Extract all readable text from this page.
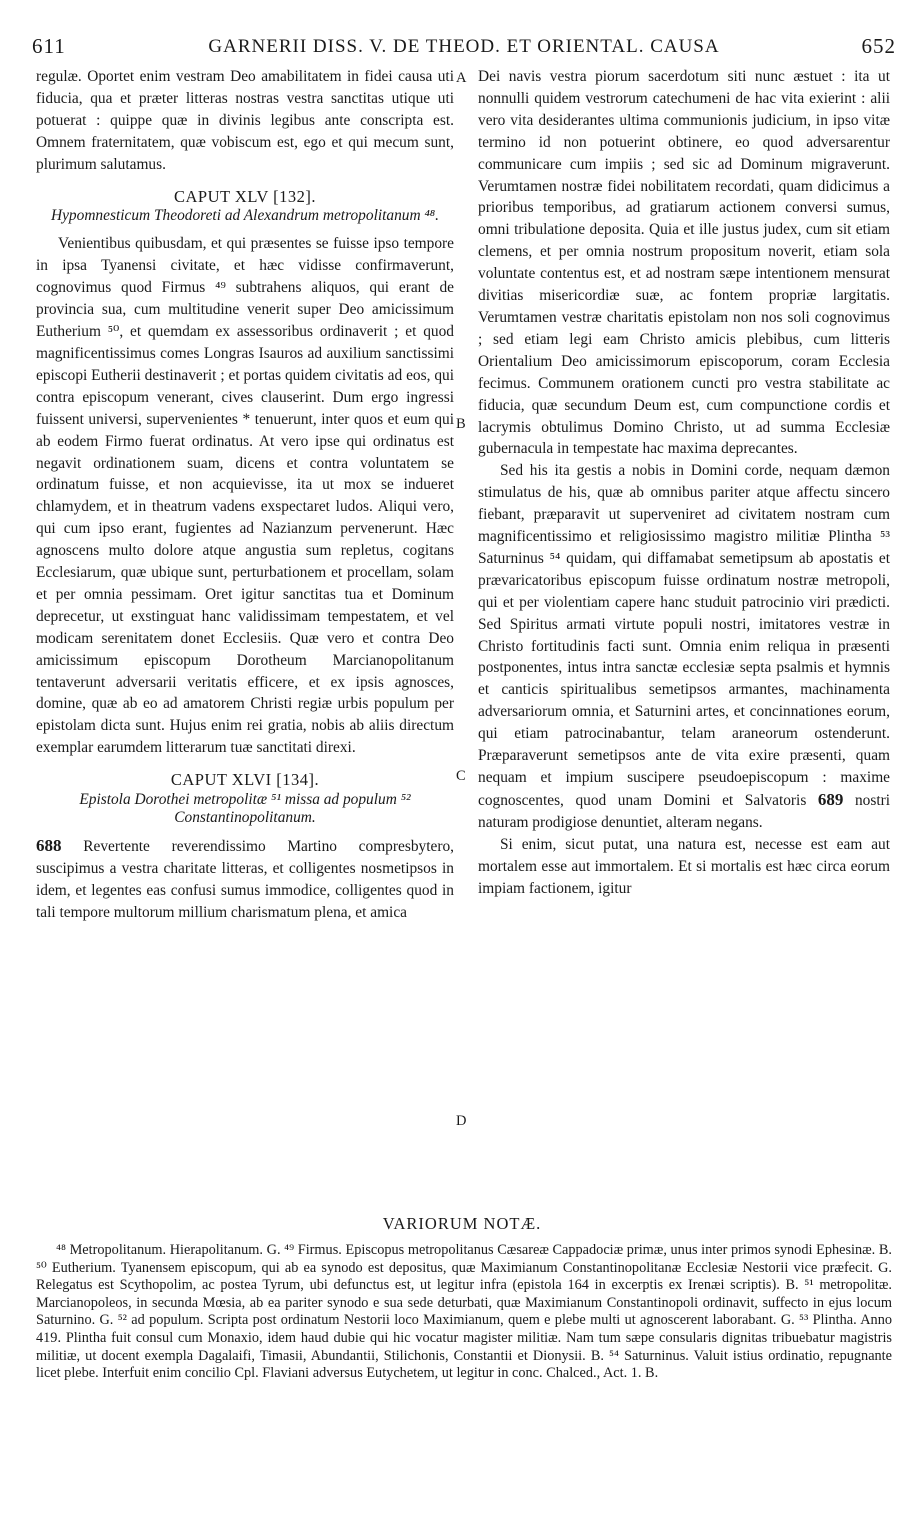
611	GARNERII DISS. V. DE THEOD. ET ORIENTAL. CAUSA	652
A
B
C
D

regulæ. Oportet enim vestram Deo amabilitatem in fidei causa uti fiducia, qua et præter litteras nostras vestra sanctitas utique uti potuerat : quippe quæ in divinis legibus ante conscripta est. Omnem fraternitatem, quæ vobiscum est, ego et qui mecum sunt, plurimum salutamus.

CAPUT XLV [132].
Hypomnesticum Theodoreti ad Alexandrum metropolitanum ⁴⁸.

Venientibus quibusdam, et qui præsentes se fuisse ipso tempore in ipsa Tyanensi civitate, et hæc vidisse confirmaverunt, cognovimus quod Firmus ⁴⁹ subtrahens aliquos, qui erant de provincia sua, cum multitudine venerit super Deo amicissimum Eutherium ⁵⁰, et quemdam ex assessoribus ordinaverit ; et quod magnificentissimus comes Longras Isauros ad auxilium sanctissimi episcopi Eutherii destinaverit ; et portas quidem civitatis ad eos, qui contra episcopum venerant, cives clauserint. Dum ergo ingressi fuissent universi, supervenientes * tenuerunt, inter quos et eum qui ab eodem Firmo fuerat ordinatus. At vero ipse qui ordinatus est negavit ordinationem suam, dicens et contra voluntatem se ordinatum fuisse, et non acquievisse, ita ut mox se indueret chlamydem, et in theatrum vadens exspectaret ludos. Aliqui vero, qui cum ipso erant, fugientes ad Nazianzum pervenerunt. Hæc agnoscens multo dolore atque angustia sum repletus, cogitans Ecclesiarum, quæ ubique sunt, perturbationem et procellam, solam et per omnia pessimam. Oret igitur sanctitas tua et Dominum deprecetur, ut exstinguat hanc validissimam tempestatem, et vel modicam serenitatem donet Ecclesiis. Quæ vero et contra Deo amicissimum episcopum Dorotheum Marcianopolitanum tentaverunt adversarii veritatis efficere, et ex ipsis agnosces, domine, quæ ab eo ad amatorem Christi regiæ urbis populum per epistolam dicta sunt. Hujus enim rei gratia, nobis ab aliis directum exemplar earumdem litterarum tuæ sanctitati direxi.

CAPUT XLVI [134].
Epistola Dorothei metropolitæ ⁵¹ missa ad populum ⁵² Constantinopolitanum.

688 Revertente reverendissimo Martino compresbytero, suscipimus a vestra charitate litteras, et colligentes nosmetipsos in idem, et legentes eas confusi sumus immodice, colligentes quod in tali tempore multorum millium charismatum plena, et amica

Dei navis vestra piorum sacerdotum siti nunc æstuet : ita ut nonnulli quidem vestrorum catechumeni de hac vita exierint : alii vero vita desiderantes ultima communionis judicium, in ipso vitæ termino id non potuerint obtinere, eo quod adversarentur communicare cum impiis ; sed sic ad Dominum migraverunt. Verumtamen nostræ fidei nobilitatem recordati, quam didicimus a prioribus temporibus, ad gratiarum actionem conversi sumus, omni tribulatione deposita. Quia et ille justus judex, cum sit etiam clemens, et per omnia nostrum propositum noverit, etiam sola voluntate contentus est, et ad nostram sæpe intentionem mensurat divitias misericordiæ suæ, ac fontem propriæ largitatis. Verumtamen vestræ charitatis epistolam non nos soli cognovimus ; sed etiam legi eam Christo amicis plebibus, cum litteris Orientalium Deo amicissimorum episcoporum, coram Ecclesia fecimus. Communem orationem cuncti pro vestra stabilitate ac fiducia, quæ secundum Deum est, cum compunctione cordis et lacrymis obtulimus Domino Christo, ut ad summa Ecclesiæ gubernacula in tempestate hac maxima deprecantes.

Sed his ita gestis a nobis in Domini corde, nequam dæmon stimulatus de his, quæ ab omnibus pariter atque affectu sincero fiebant, præparavit ut superveniret ad civitatem nostram cum magnificentissimo et religiosissimo magistro militiæ Plintha ⁵³ Saturninus ⁵⁴ quidam, qui diffamabat semetipsum ab apostatis et prævaricatoribus episcopum fuisse ordinatum nostræ metropoli, qui et per violentiam capere hanc studuit patrocinio viri prædicti. Sed Spiritus armati virtute populi nostri, imitatores vestræ in Christo fortitudinis facti sunt. Omnia enim reliqua in præsenti postponentes, intus intra sanctæ ecclesiæ septa psalmis et hymnis et canticis spiritualibus semetipsos armantes, machinamenta adversariorum omnia, et Saturnini artes, et concinnationes eorum, qui etiam patrocinabantur, telam araneorum ostenderunt. Præparaverunt semetipsos ante de vita exire præsenti, quam nequam et impium suscipere pseudoepiscopum : maxime cognoscentes, quod unam Domini et Salvatoris 689 nostri naturam prodigiose denuntiet, alteram negans.

Si enim, sicut putat, una natura est, necesse est eam aut mortalem esse aut immortalem. Et si mortalis est hæc circa eorum impiam factionem, igitur

VARIORUM NOTÆ.
⁴⁸ Metropolitanum. Hierapolitanum. G. ⁴⁹ Firmus. Episcopus metropolitanus Cæsareæ Cappadociæ primæ, unus inter primos synodi Ephesinæ. B. ⁵⁰ Eutherium. Tyanensem episcopum, qui ab ea synodo est depositus, quæ Maximianum Constantinopolitanæ Ecclesiæ Nestorii vice præfecit. G. Relegatus est Scythopolim, ac postea Tyrum, ubi defunctus est, ut legitur infra (epistola 164 in excerptis ex Irenæi scriptis). B. ⁵¹ metropolitæ. Marcianopoleos, in secunda Mœsia, ab ea pariter synodo e sua sede deturbati, quæ Maximianum Constantinopoli ordinavit, suffecto in ejus locum Saturnino. G. ⁵² ad populum. Scripta post ordinatum Nestorii loco Maximianum, quem e plebe multi ut agnoscerent laborabant. G. ⁵³ Plintha. Anno 419. Plintha fuit consul cum Monaxio, idem haud dubie qui hic vocatur magister militiæ. Nam tum sæpe consularis dignitas tribuebatur magistris militiæ, ut docent exempla Dagalaifi, Timasii, Abundantii, Stilichonis, Constantii et Dionysii. B. ⁵⁴ Saturninus. Valuit istius ordinatio, repugnante licet plebe. Interfuit enim concilio Cpl. Flaviani adversus Eutychetem, ut legitur in conc. Chalced., Act. 1. B.
